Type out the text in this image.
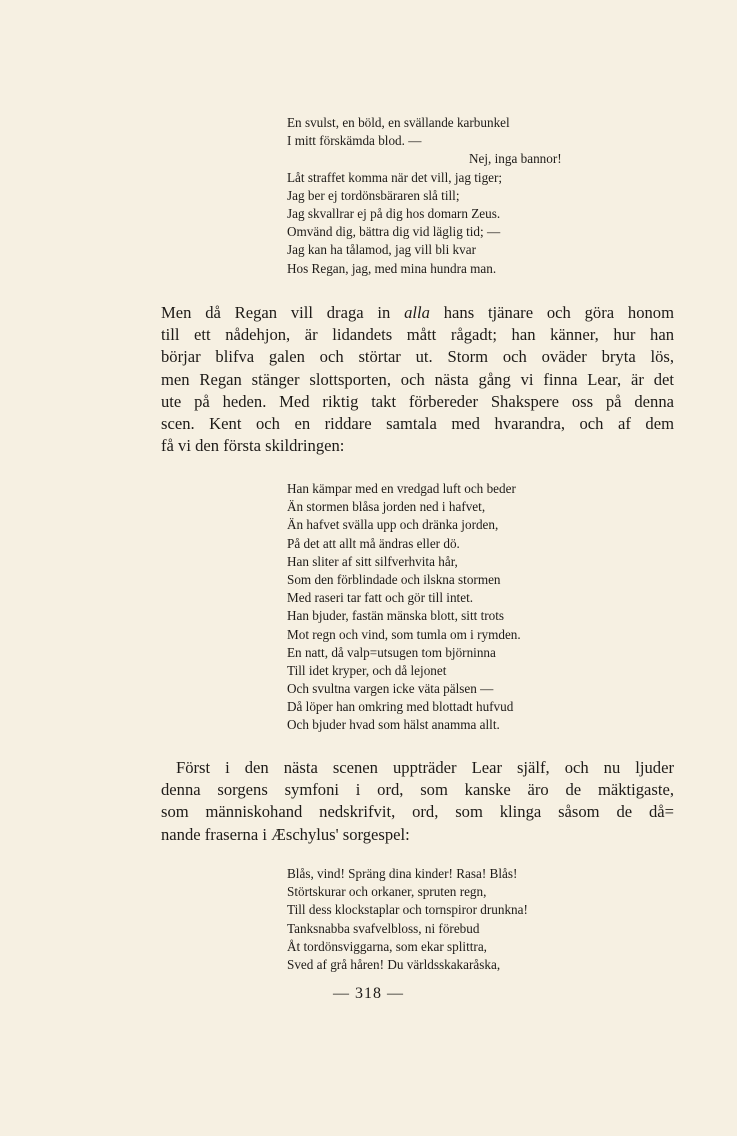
En svulst, en böld, en svällande karbunkel
I mitt förskämda blod. —
Nej, inga bannor!
Låt straffet komma när det vill, jag tiger;
Jag ber ej tordönsbäraren slå till;
Jag skvallrar ej på dig hos domarn Zeus.
Omvänd dig, bättra dig vid läglig tid; —
Jag kan ha tålamod, jag vill bli kvar
Hos Regan, jag, med mina hundra man.
Men då Regan vill draga in alla hans tjänare och göra honom
till ett nådehjon, är lidandets mått rågadt; han känner, hur han
börjar blifva galen och störtar ut. Storm och oväder bryta lös,
men Regan stänger slottsporten, och nästa gång vi finna Lear, är det
ute på heden. Med riktig takt förbereder Shakspere oss på denna
scen. Kent och en riddare samtala med hvarandra, och af dem
få vi den första skildringen:
Han kämpar med en vredgad luft och beder
Än stormen blåsa jorden ned i hafvet,
Än hafvet svälla upp och dränka jorden,
På det att allt må ändras eller dö.
Han sliter af sitt silfverhvita hår,
Som den förblindade och ilskna stormen
Med raseri tar fatt och gör till intet.
Han bjuder, fastän mänska blott, sitt trots
Mot regn och vind, som tumla om i rymden.
En natt, då valp=utsugen tom björninna
Till idet kryper, och då lejonet
Och svultna vargen icke väta pälsen —
Då löper han omkring med blottadt hufvud
Och bjuder hvad som hälst anamma allt.
Först i den nästa scenen uppträder Lear själf, och nu ljuder
denna sorgens symfoni i ord, som kanske äro de mäktigaste,
som människohand nedskrifvit, ord, som klinga såsom de då=
nande fraserna i Æschylus' sorgespel:
Blås, vind! Spräng dina kinder! Rasa! Blås!
Störtskurar och orkaner, spruten regn,
Till dess klockstaplar och tornspiror drunkna!
Tanksnabba svafvelbloss, ni förebud
Åt tordönsviggarna, som ekar splittra,
Sved af grå håren! Du världsskakaråska,
— 318 —
